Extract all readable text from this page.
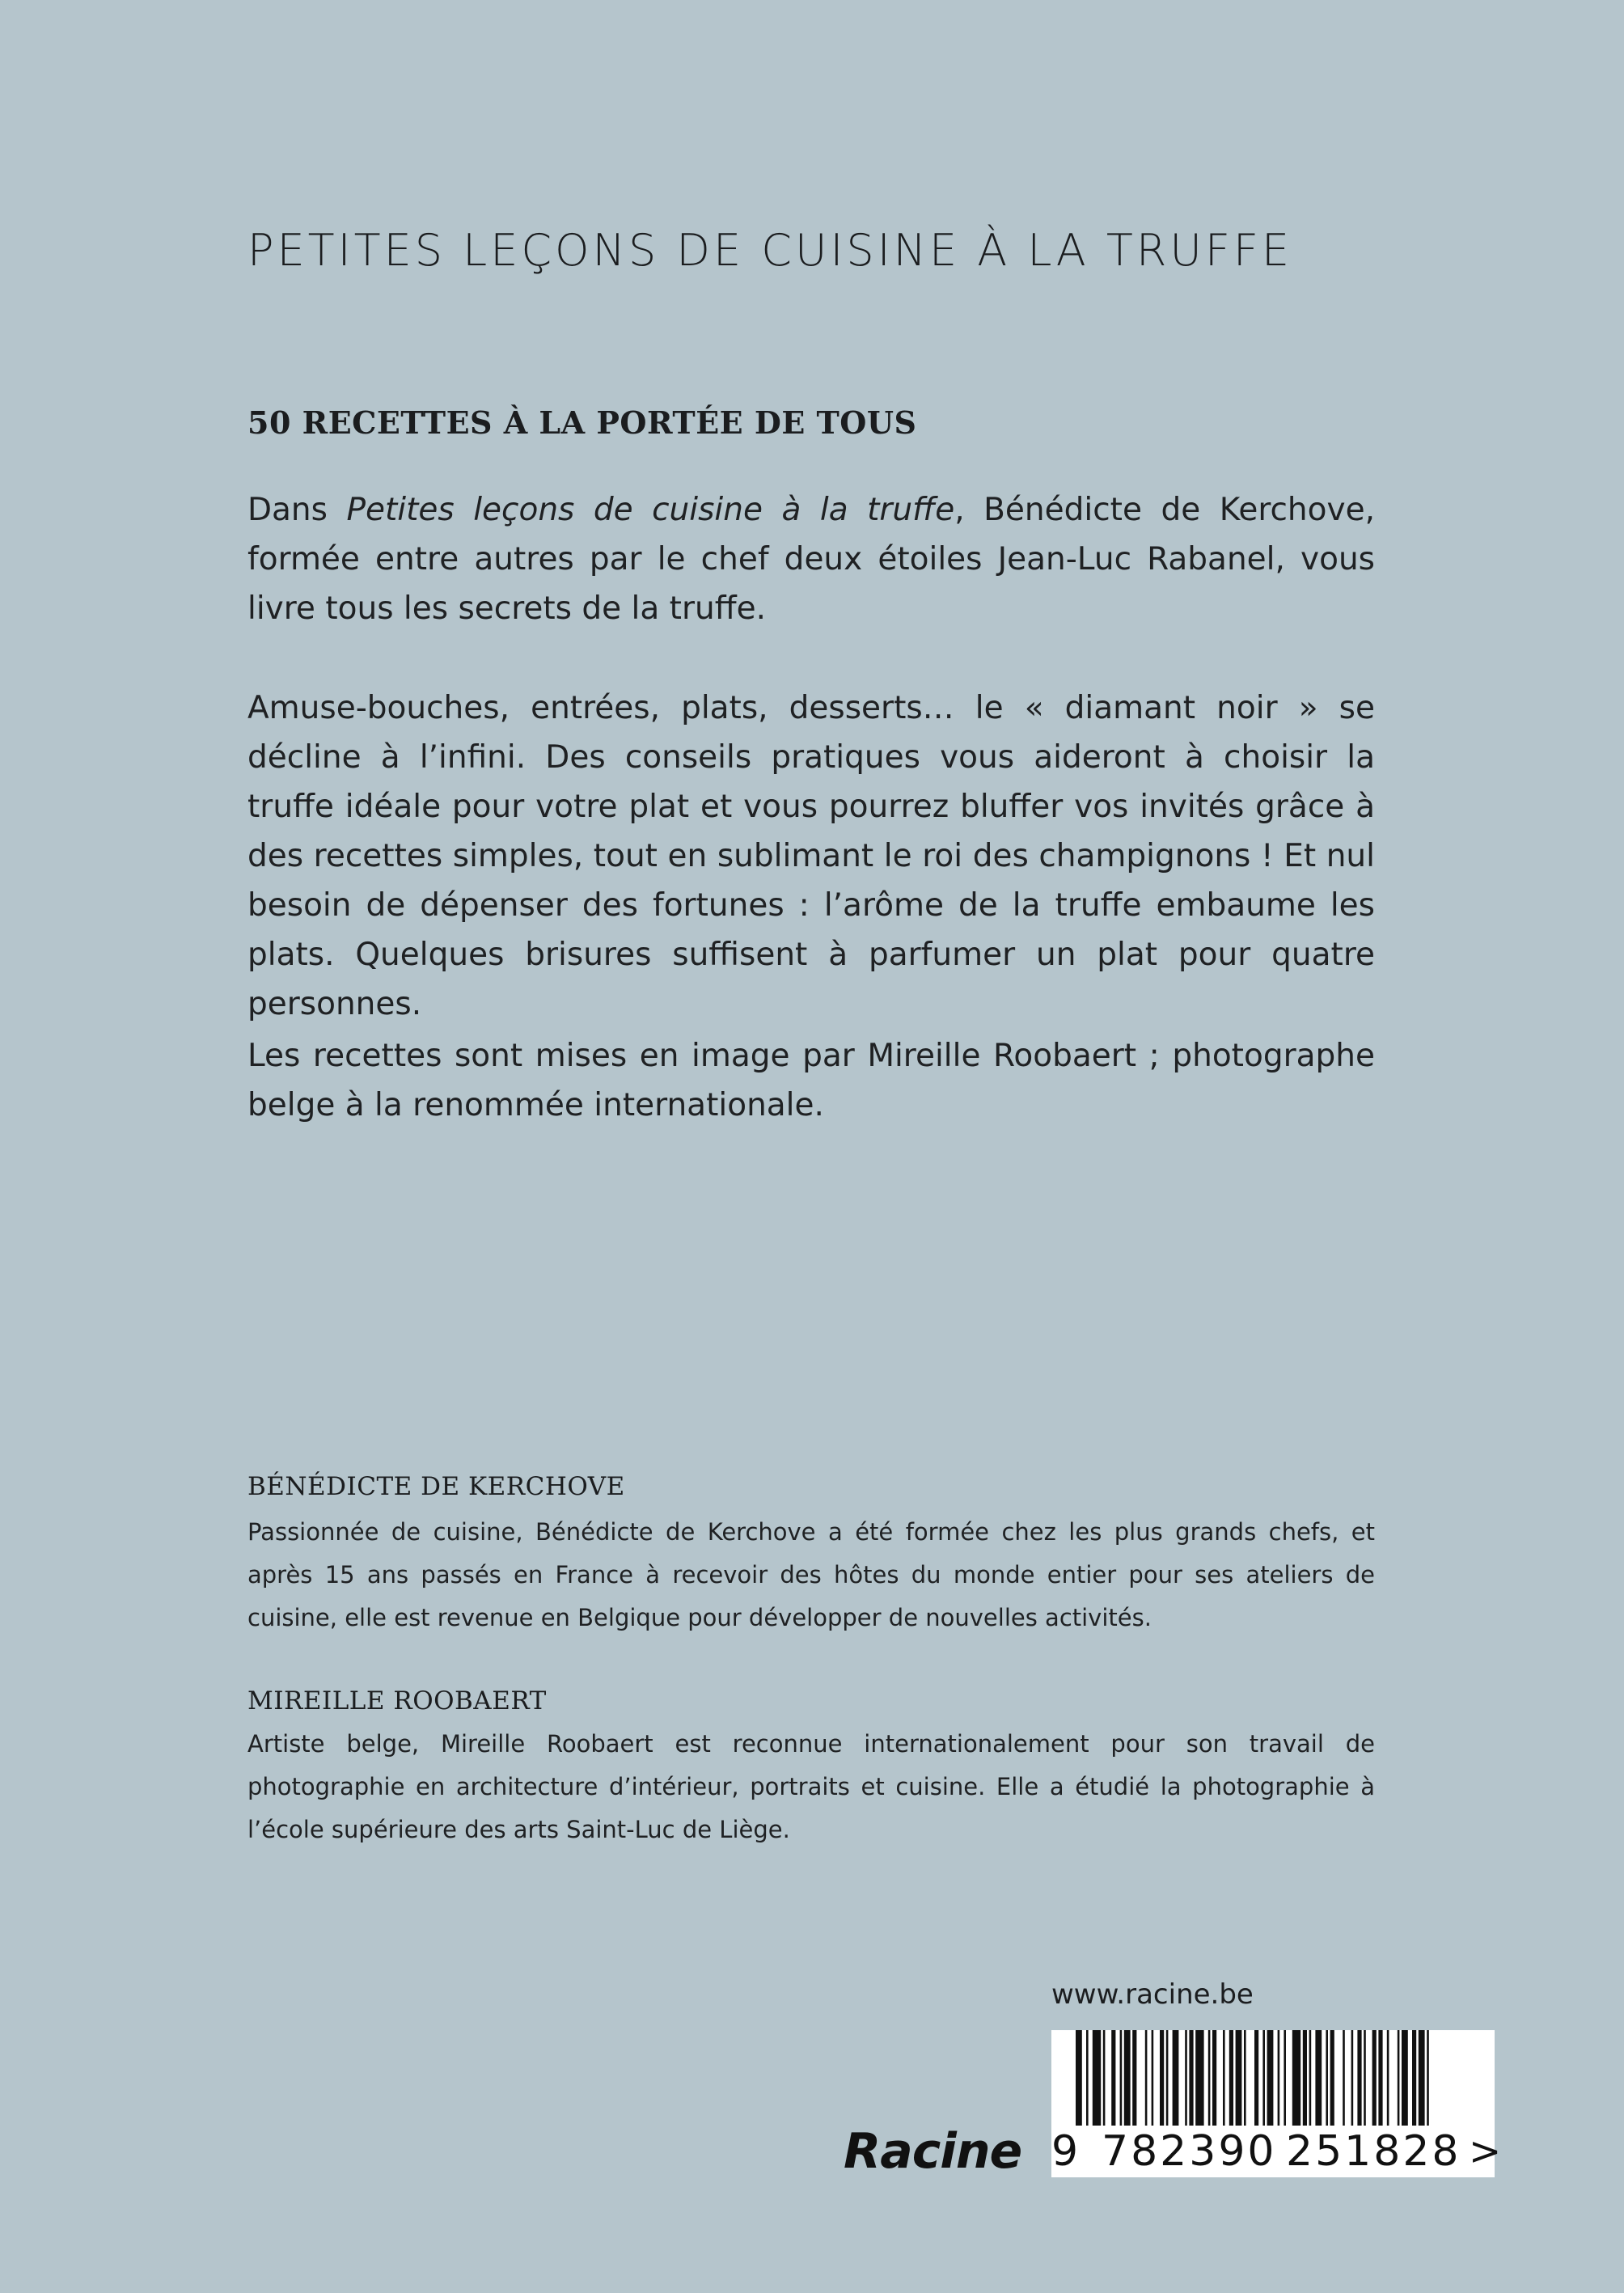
PETITES LEÇONS DE CUISINE À LA TRUFFE
50 RECETTES À LA PORTÉE DE TOUS
Dans Petites leçons de cuisine à la truffe, Bénédicte de Kerchove, formée entre autres par le chef deux étoiles Jean-Luc Rabanel, vous livre tous les secrets de la truffe.
Amuse-bouches, entrées, plats, desserts… le « diamant noir » se décline à l’infini. Des conseils pratiques vous aideront à choisir la truffe idéale pour votre plat et vous pourrez bluffer vos invités grâce à des recettes simples, tout en sublimant le roi des champignons ! Et nul besoin de dépenser des fortunes : l’arôme de la truffe embaume les plats. Quelques brisures suffisent à parfumer un plat pour quatre personnes.
Les recettes sont mises en image par Mireille Roobaert ; photographe belge à la renommée internationale.
BÉNÉDICTE DE KERCHOVE
Passionnée de cuisine, Bénédicte de Kerchove a été formée chez les plus grands chefs, et après 15 ans passés en France à recevoir des hôtes du monde entier pour ses ateliers de cuisine, elle est revenue en Belgique pour développer de nouvelles activités.
MIREILLE ROOBAERT
Artiste belge, Mireille Roobaert est reconnue internationalement pour son travail de photographie en architecture d’intérieur, portraits et cuisine. Elle a étudié la photographie à l’école supérieure des arts Saint-Luc de Liège.
www.racine.be
Racine 9 782390 251828 >
